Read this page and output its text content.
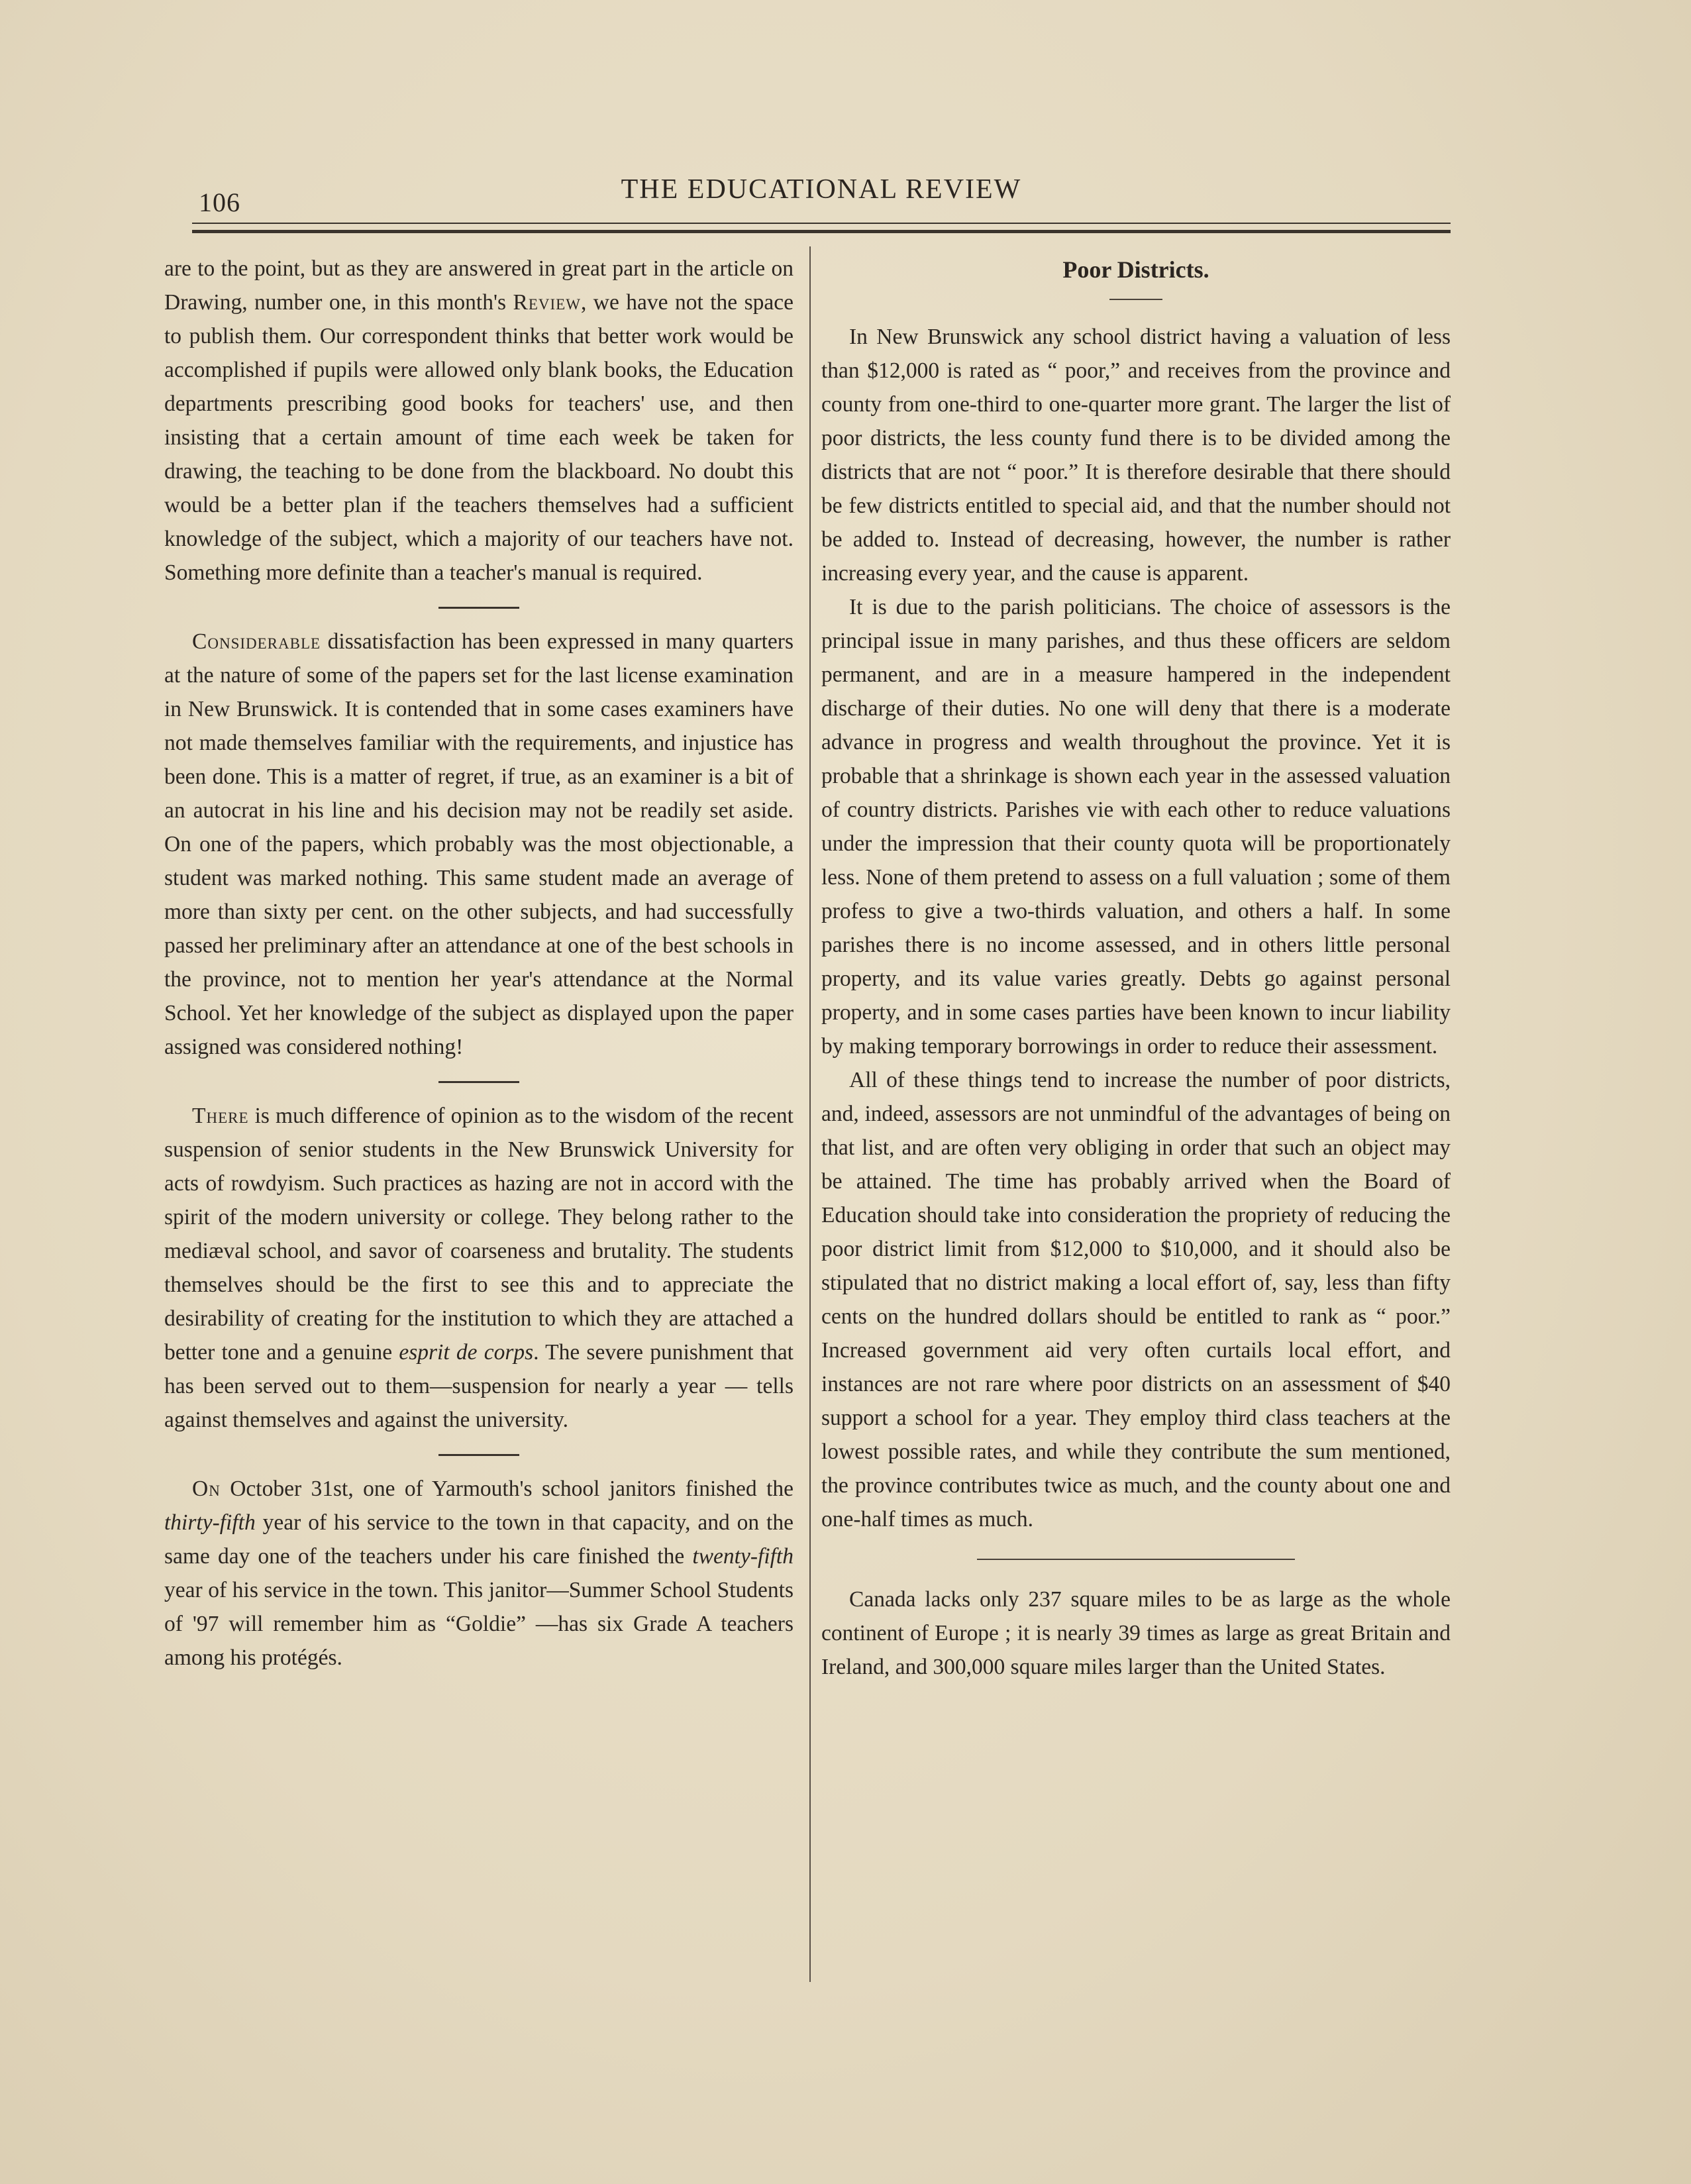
106	THE EDUCATIONAL REVIEW

are to the point, but as they are answered in great part in the article on Drawing, number one, in this month's Review, we have not the space to publish them. Our correspondent thinks that better work would be accomplished if pupils were allowed only blank books, the Education departments prescribing good books for teachers' use, and then insisting that a certain amount of time each week be taken for drawing, the teaching to be done from the blackboard. No doubt this would be a better plan if the teachers themselves had a sufficient knowledge of the subject, which a majority of our teachers have not. Something more definite than a teacher's manual is required.

Considerable dissatisfaction has been expressed in many quarters at the nature of some of the papers set for the last license examination in New Brunswick. It is contended that in some cases examiners have not made themselves familiar with the requirements, and injustice has been done. This is a matter of regret, if true, as an examiner is a bit of an autocrat in his line and his decision may not be readily set aside. On one of the papers, which probably was the most objectionable, a student was marked nothing. This same student made an average of more than sixty per cent. on the other subjects, and had successfully passed her preliminary after an attendance at one of the best schools in the province, not to mention her year's attendance at the Normal School. Yet her knowledge of the subject as displayed upon the paper assigned was considered nothing!

There is much difference of opinion as to the wisdom of the recent suspension of senior students in the New Brunswick University for acts of rowdyism. Such practices as hazing are not in accord with the spirit of the modern university or college. They belong rather to the mediæval school, and savor of coarseness and brutality. The students themselves should be the first to see this and to appreciate the desirability of creating for the institution to which they are attached a better tone and a genuine esprit de corps. The severe punishment that has been served out to them—suspension for nearly a year — tells against themselves and against the university.

On October 31st, one of Yarmouth's school janitors finished the thirty-fifth year of his service to the town in that capacity, and on the same day one of the teachers under his care finished the twenty-fifth year of his service in the town. This janitor—Summer School Students of '97 will remember him as “Goldie” —has six Grade A teachers among his protégés.

Poor Districts.

In New Brunswick any school district having a valuation of less than $12,000 is rated as “ poor,” and receives from the province and county from one-third to one-quarter more grant. The larger the list of poor districts, the less county fund there is to be divided among the districts that are not “ poor.” It is therefore desirable that there should be few districts entitled to special aid, and that the number should not be added to. Instead of decreasing, however, the number is rather increasing every year, and the cause is apparent.

It is due to the parish politicians. The choice of assessors is the principal issue in many parishes, and thus these officers are seldom permanent, and are in a measure hampered in the independent discharge of their duties. No one will deny that there is a moderate advance in progress and wealth throughout the province. Yet it is probable that a shrinkage is shown each year in the assessed valuation of country districts. Parishes vie with each other to reduce valuations under the impression that their county quota will be proportionately less. None of them pretend to assess on a full valuation ; some of them profess to give a two-thirds valuation, and others a half. In some parishes there is no income assessed, and in others little personal property, and its value varies greatly. Debts go against personal property, and in some cases parties have been known to incur liability by making temporary borrowings in order to reduce their assessment.

All of these things tend to increase the number of poor districts, and, indeed, assessors are not unmindful of the advantages of being on that list, and are often very obliging in order that such an object may be attained. The time has probably arrived when the Board of Education should take into consideration the propriety of reducing the poor district limit from $12,000 to $10,000, and it should also be stipulated that no district making a local effort of, say, less than fifty cents on the hundred dollars should be entitled to rank as “ poor.” Increased government aid very often curtails local effort, and instances are not rare where poor districts on an assessment of $40 support a school for a year. They employ third class teachers at the lowest possible rates, and while they contribute the sum mentioned, the province contributes twice as much, and the county about one and one-half times as much.

Canada lacks only 237 square miles to be as large as the whole continent of Europe ; it is nearly 39 times as large as great Britain and Ireland, and 300,000 square miles larger than the United States.
